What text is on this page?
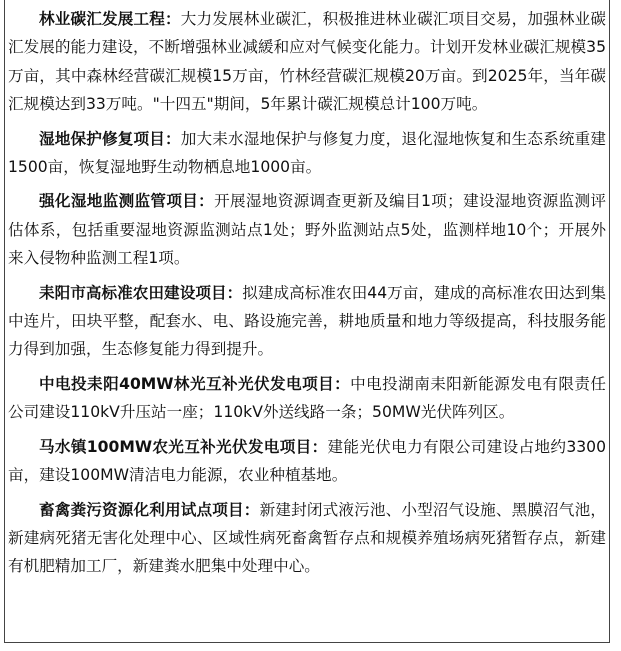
林业碳汇发展工程：大力发展林业碳汇，积极推进林业碳汇项目交易，加强林业碳汇发展的能力建设，不断增强林业减緩和应对气候变化能力。计划开发林业碳汇规模35万亩，其中森林经营碳汇规模15万亩，竹林经营碳汇规模20万亩。到2025年，当年碳汇规模达到33万吨。"十四五"期间，5年累计碳汇规模总计100万吨。

湿地保护修复项目：加大耒水湿地保护与修复力度，退化湿地恢复和生态系统重建1500亩，恢复湿地野生动物栖息地1000亩。

强化湿地监测监管项目：开展湿地资源调查更新及编目1项；建设湿地资源监测评估体系，包括重要湿地资源监测站点1处；野外监测站点5处，监测样地10个；开展外来入侵物种监测工程1项。

耒阳市高标准农田建设项目：拟建成高标准农田44万亩，建成的高标准农田达到集中连片，田块平整，配套水、电、路设施完善，耕地质量和地力等级提高，科技服务能力得到加强，生态修复能力得到提升。

中电投耒阳40MW林光互补光伏发电项目：中电投湖南耒阳新能源发电有限责任公司建设110kV升压站一座；110kV外送线路一条；50MW光伏阵列区。

马水镇100MW农光互补光伏发电项目：建能光伏电力有限公司建设占地约3300亩，建设100MW清洁电力能源，农业种植基地。

畜禽粪污资源化利用试点项目：新建封闭式液污池、小型沼气设施、黑膜沼气池，新建病死猪无害化处理中心、区域性病死畜禽暂存点和规模养殖场病死猪暂存点，新建有机肥精加工厂，新建粪水肥集中处理中心。
